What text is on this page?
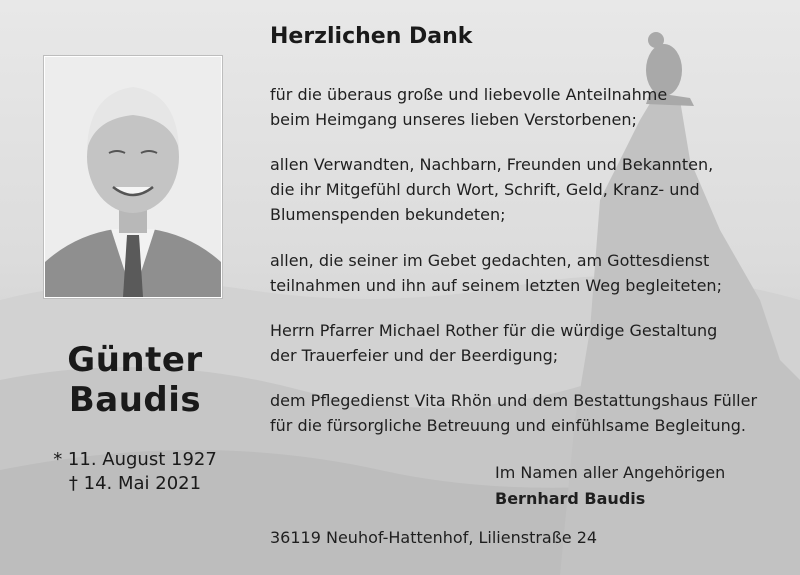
Günter
Baudis
* 11. August 1927
† 14. Mai 2021
Herzlichen Dank
für die überaus große und liebevolle Anteilnahme
beim Heimgang unseres lieben Verstorbenen;
allen Verwandten, Nachbarn, Freunden und Bekannten,
die ihr Mitgefühl durch Wort, Schrift, Geld, Kranz- und
Blumenspenden bekundeten;
allen, die seiner im Gebet gedachten, am Gottesdienst
teilnahmen und ihn auf seinem letzten Weg begleiteten;
Herrn Pfarrer Michael Rother für die würdige Gestaltung
der Trauerfeier und der Beerdigung;
dem Pflegedienst Vita Rhön und dem Bestattungshaus Füller
für die fürsorgliche Betreuung und einfühlsame Begleitung.
Im Namen aller Angehörigen
Bernhard Baudis
36119 Neuhof-Hattenhof, Lilienstraße 24
